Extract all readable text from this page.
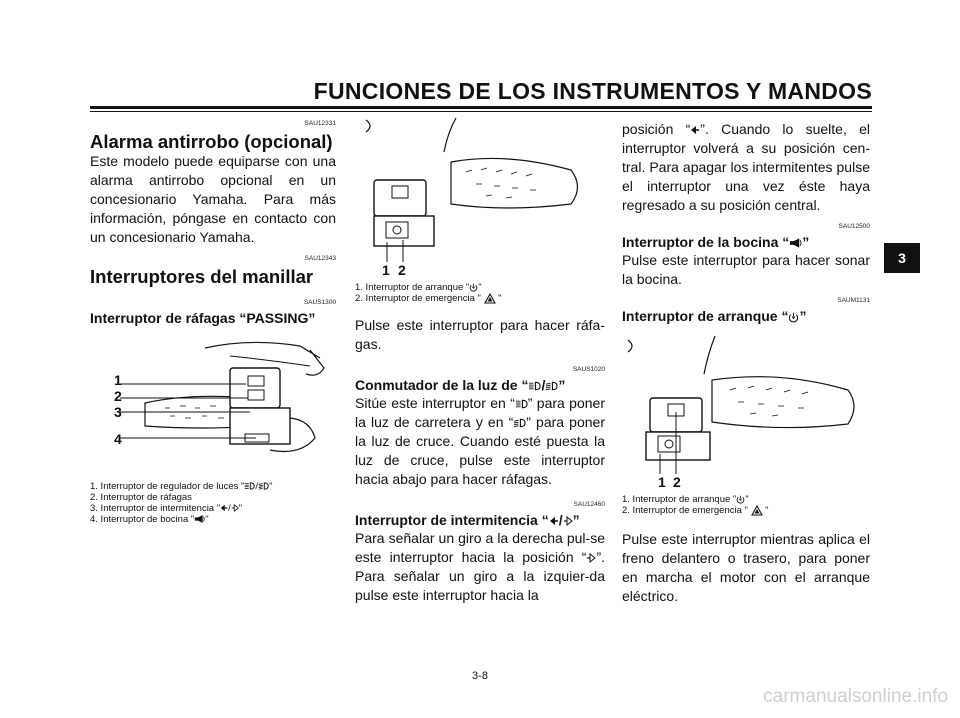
FUNCIONES DE LOS INSTRUMENTOS Y MANDOS
3
SAU12331
Alarma antirrobo (opcional)

Este modelo puede equiparse con una alarma antirrobo opcional en un concesionario Yamaha. Para más información, póngase en contacto con un concesionario Yamaha.

SAU12343
Interruptores del manillar
SAUS1300
Interruptor de ráfagas “PASSING”
1
2
3
4

1. Interruptor de regulador de luces " / "

2. Interruptor de ráfagas

3. Interruptor de intermitencia " / "

4. Interruptor de bocina " "

1 2

1. Interruptor de arranque " "

2. Interruptor de emergencia " "

Pulse este interruptor para hacer ráfa-gas.

SAUS1020
Conmutador de la luz de “ / ”

Sitúe este interruptor en “ ” para poner la luz de carretera y en “ ” para poner la luz de cruce. Cuando esté puesta la luz de cruce, pulse este interruptor hacia abajo para hacer ráfagas.

SAU12460
Interruptor de intermitencia “ / ”

Para señalar un giro a la derecha pul-se este interruptor hacia la posición “ ”. Para señalar un giro a la izquier-da pulse este interruptor hacia la

posición “ ”. Cuando lo suelte, el interruptor volverá a su posición cen-tral. Para apagar los intermitentes pulse el interruptor una vez éste haya regresado a su posición central.

SAU12500
Interruptor de la bocina “ ”

Pulse este interruptor para hacer sonar la bocina.

SAUM1131
Interruptor de arranque “ ”
1 2

1. Interruptor de arranque " "

2. Interruptor de emergencia " "

Pulse este interruptor mientras aplica el freno delantero o trasero, para poner en marcha el motor con el arranque eléctrico.

3-8
carmanualsonline.info
